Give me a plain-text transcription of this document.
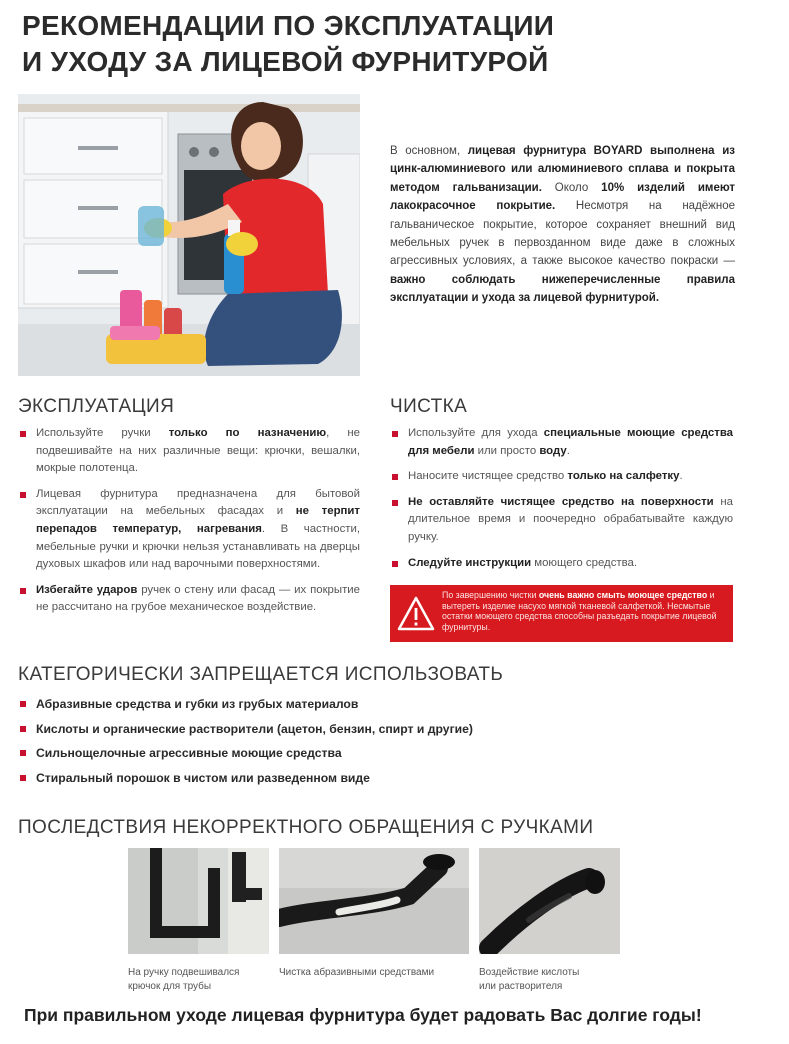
РЕКОМЕНДАЦИИ ПО ЭКСПЛУАТАЦИИ
И УХОДУ ЗА ЛИЦЕВОЙ ФУРНИТУРОЙ
В основном, лицевая фурнитура BOYARD выполнена из цинк-алюминиевого или алюминиевого сплава и покрыта методом гальванизации. Около 10% изделий имеют лакокрасочное покрытие. Несмотря на надёжное гальваническое покрытие, которое сохраняет внешний вид мебельных ручек в первозданном виде даже в сложных агрессивных условиях, а также высокое качество покраски — важно соблюдать нижеперечисленные правила эксплуатации и ухода за лицевой фурнитурой.
ЭКСПЛУАТАЦИЯ
Используйте ручки только по назначению, не подвешивайте на них различные вещи: крючки, вешалки, мокрые полотенца.
Лицевая фурнитура предназначена для бытовой эксплуатации на мебельных фасадах и не терпит перепадов температур, нагревания. В частности, мебельные ручки и крючки нельзя устанавливать на дверцы духовых шкафов или над варочными поверхностями.
Избегайте ударов ручек о стену или фасад — их покрытие не рассчитано на грубое механическое воздействие.
ЧИСТКА
Используйте для ухода специальные моющие средства для мебели или просто воду.
Наносите чистящее средство только на салфетку.
Не оставляйте чистящее средство на поверхности на длительное время и поочередно обрабатывайте каждую ручку.
Следуйте инструкции моющего средства.
По завершению чистки очень важно смыть моющее средство и вытереть изделие насухо мягкой тканевой салфеткой. Несмытые остатки моющего средства способны разъедать покрытие лицевой фурнитуры.
КАТЕГОРИЧЕСКИ ЗАПРЕЩАЕТСЯ ИСПОЛЬЗОВАТЬ
Абразивные средства и губки из грубых материалов
Кислоты и органические растворители (ацетон, бензин, спирт и другие)
Сильнощелочные агрессивные моющие средства
Стиральный порошок в чистом или разведенном виде
ПОСЛЕДСТВИЯ НЕКОРРЕКТНОГО ОБРАЩЕНИЯ С РУЧКАМИ
На ручку подвешивался
крючок для трубы
Чистка абразивными средствами	Воздействие кислоты
или растворителя
При правильном уходе лицевая фурнитура будет радовать Вас долгие годы!
